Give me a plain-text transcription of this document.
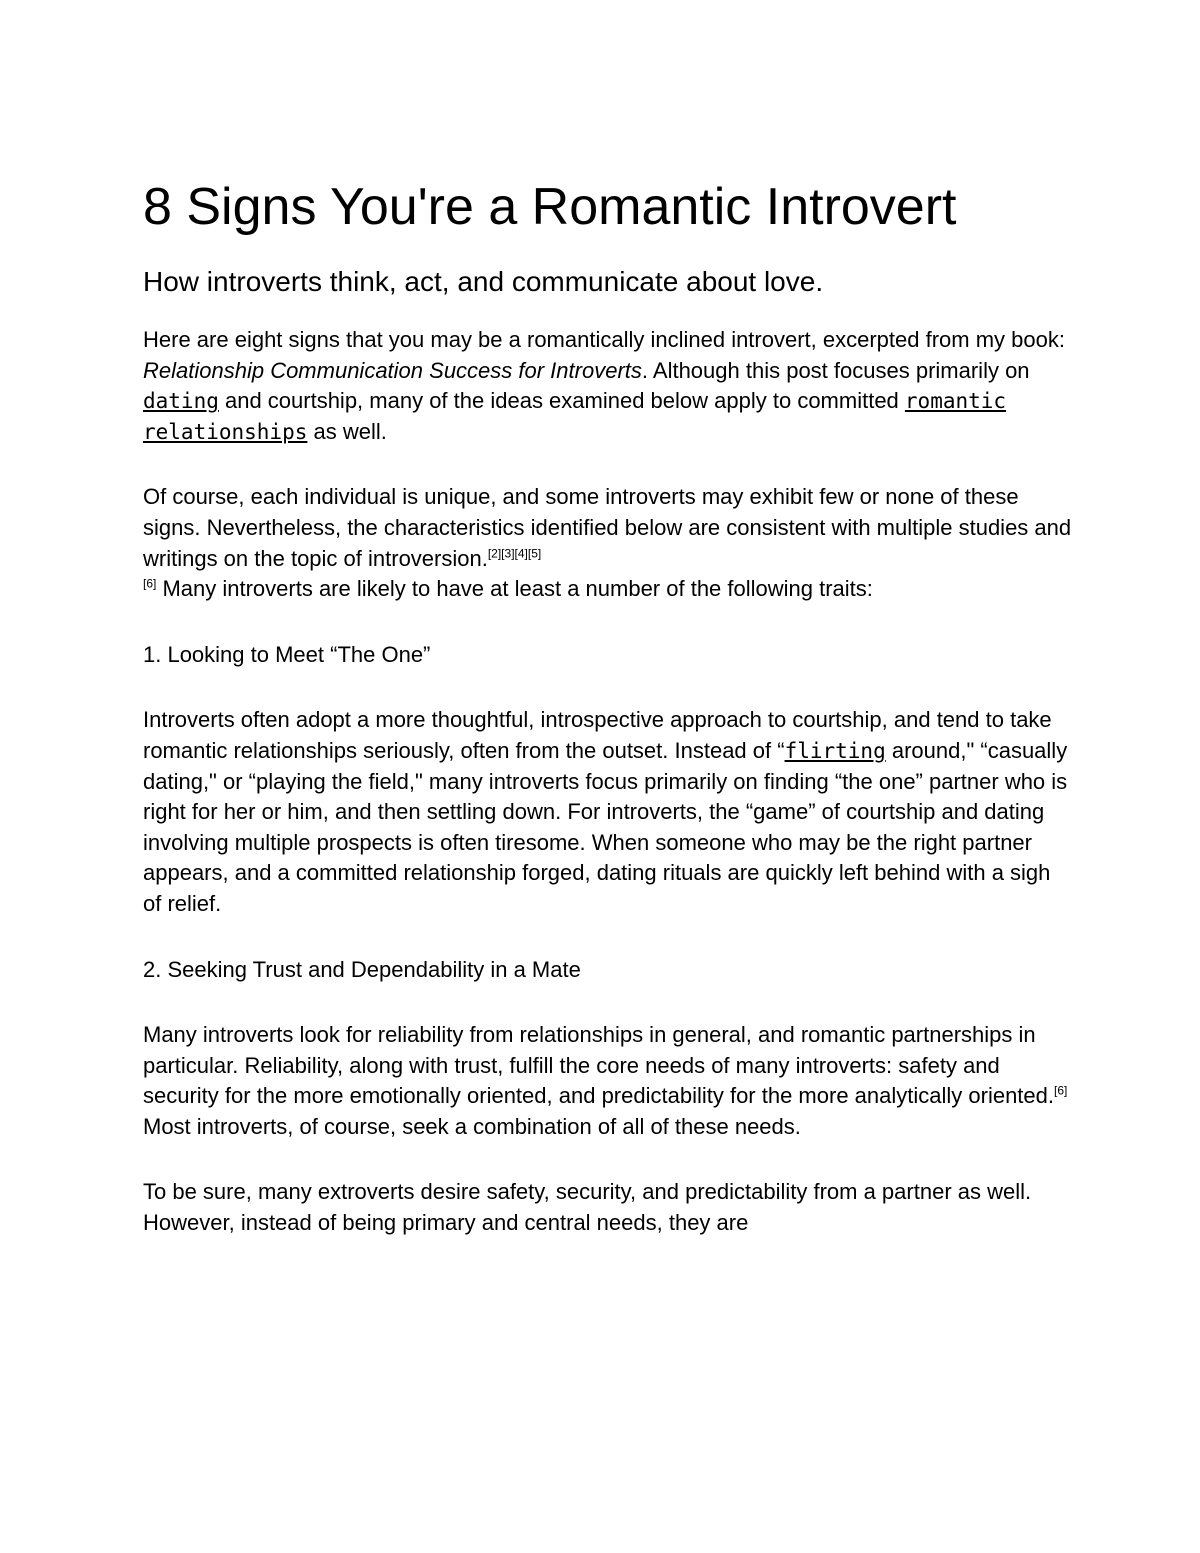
8 Signs You're a Romantic Introvert
How introverts think, act, and communicate about love.

Here are eight signs that you may be a romantically inclined introvert, excerpted from my book: Relationship Communication Success for Introverts. Although this post focuses primarily on dating and courtship, many of the ideas examined below apply to committed romantic relationships as well.

Of course, each individual is unique, and some introverts may exhibit few or none of these signs. Nevertheless, the characteristics identified below are consistent with multiple studies and writings on the topic of introversion.[2][3][4][5]
[6] Many introverts are likely to have at least a number of the following traits:

1. Looking to Meet “The One”

Introverts often adopt a more thoughtful, introspective approach to courtship, and tend to take romantic relationships seriously, often from the outset. Instead of “flirting around," “casually dating," or “playing the field," many introverts focus primarily on finding “the one” partner who is right for her or him, and then settling down. For introverts, the “game” of courtship and dating involving multiple prospects is often tiresome. When someone who may be the right partner appears, and a committed relationship forged, dating rituals are quickly left behind with a sigh of relief.

2. Seeking Trust and Dependability in a Mate

Many introverts look for reliability from relationships in general, and romantic partnerships in particular. Reliability, along with trust, fulfill the core needs of many introverts: safety and security for the more emotionally oriented, and predictability for the more analytically oriented.[6] Most introverts, of course, seek a combination of all of these needs.

To be sure, many extroverts desire safety, security, and predictability from a partner as well. However, instead of being primary and central needs, they are
